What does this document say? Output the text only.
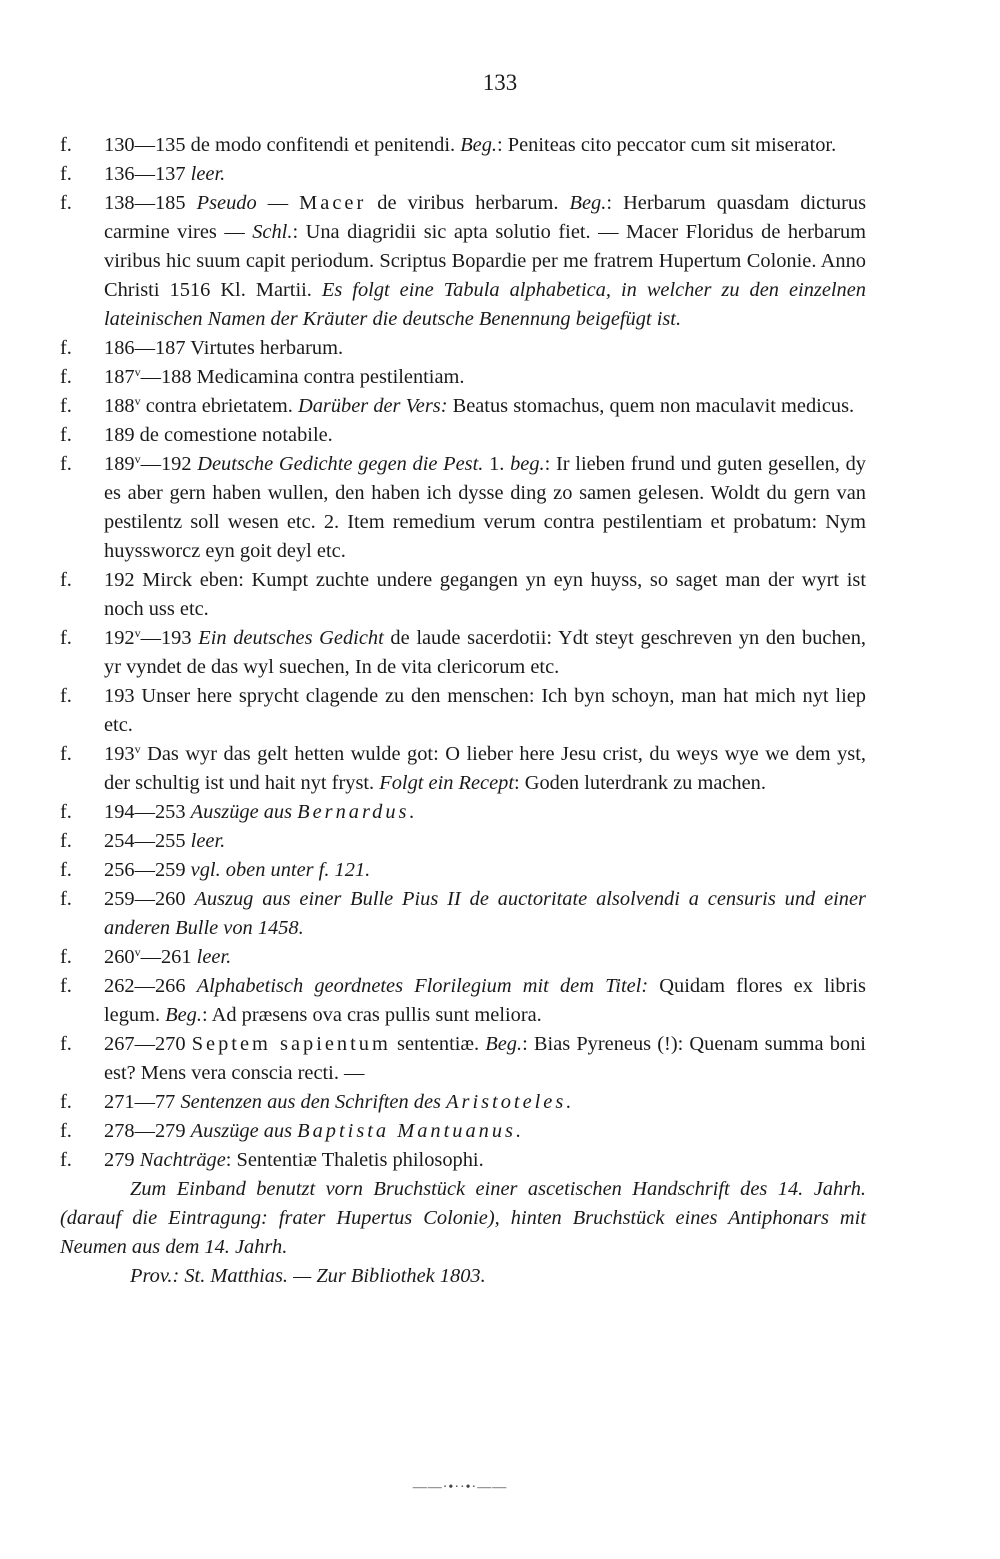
133
f. 130—135 de modo confitendi et penitendi. Beg.: Peniteas cito peccator cum sit miserator.
f. 136—137 leer.
f. 138—185 Pseudo — Macer de viribus herbarum. Beg.: Herbarum quasdam dicturus carmine vires — Schl.: Una diagridii sic apta solutio fiet. — Macer Floridus de herbarum viribus hic suum capit periodum. Scriptus Bopardie per me fratrem Hupertum Colonie. Anno Christi 1516 Kl. Martii. Es folgt eine Tabula alphabetica, in welcher zu den einzelnen lateinischen Namen der Kräuter die deutsche Benennung beigefügt ist.
f. 186—187 Virtutes herbarum.
f. 187$^v$—188 Medicamina contra pestilentiam.
f. 188$^v$ contra ebrietatem. Darüber der Vers: Beatus stomachus, quem non maculavit medicus.
f. 189 de comestione notabile.
f. 189$^v$—192 Deutsche Gedichte gegen die Pest. 1. beg.: Ir lieben frund und guten gesellen, dy es aber gern haben wullen, den haben ich dysse ding zo samen gelesen. Woldt du gern van pestilentz soll wesen etc. 2. Item remedium verum contra pestilentiam et probatum: Nym huyssworcz eyn goit deyl etc.
f. 192 Mirck eben: Kumpt zuchte undere gegangen yn eyn huyss, so saget man der wyrt ist noch uss etc.
f. 192$^v$—193 Ein deutsches Gedicht de laude sacerdotii: Ydt steyt geschreven yn den buchen, yr vyndet de das wyl suechen, In de vita clericorum etc.
f. 193 Unser here sprycht clagende zu den menschen: Ich byn schoyn, man hat mich nyt liep etc.
f. 193$^v$ Das wyr das gelt hetten wulde got: O lieber here Jesu crist, du weys wye we dem yst, der schultig ist und hait nyt fryst. Folgt ein Recept: Goden luterdrank zu machen.
f. 194—253 Auszüge aus Bernardus.
f. 254—255 leer.
f. 256—259 vgl. oben unter f. 121.
f. 259—260 Auszug aus einer Bulle Pius II de auctoritate alsolvendi a censuris und einer anderen Bulle von 1458.
f. 260$^v$—261 leer.
f. 262—266 Alphabetisch geordnetes Florilegium mit dem Titel: Quidam flores ex libris legum. Beg.: Ad præsens ova cras pullis sunt meliora.
f. 267—270 Septem sapientum sententiæ. Beg.: Bias Pyreneus (!): Quenam summa boni est? Mens vera conscia recti. —
f. 271—77 Sentenzen aus den Schriften des Aristoteles.
f. 278—279 Auszüge aus Baptista Mantuanus.
f. 279 Nachträge: Sententiæ Thaletis philosophi.
Zum Einband benutzt vorn Bruchstück einer ascetischen Handschrift des 14. Jahrh. (darauf die Eintragung: frater Hupertus Colonie), hinten Bruchstück eines Antiphonars mit Neumen aus dem 14. Jahrh.
Prov.: St. Matthias. — Zur Bibliothek 1803.
——·•··•·——
